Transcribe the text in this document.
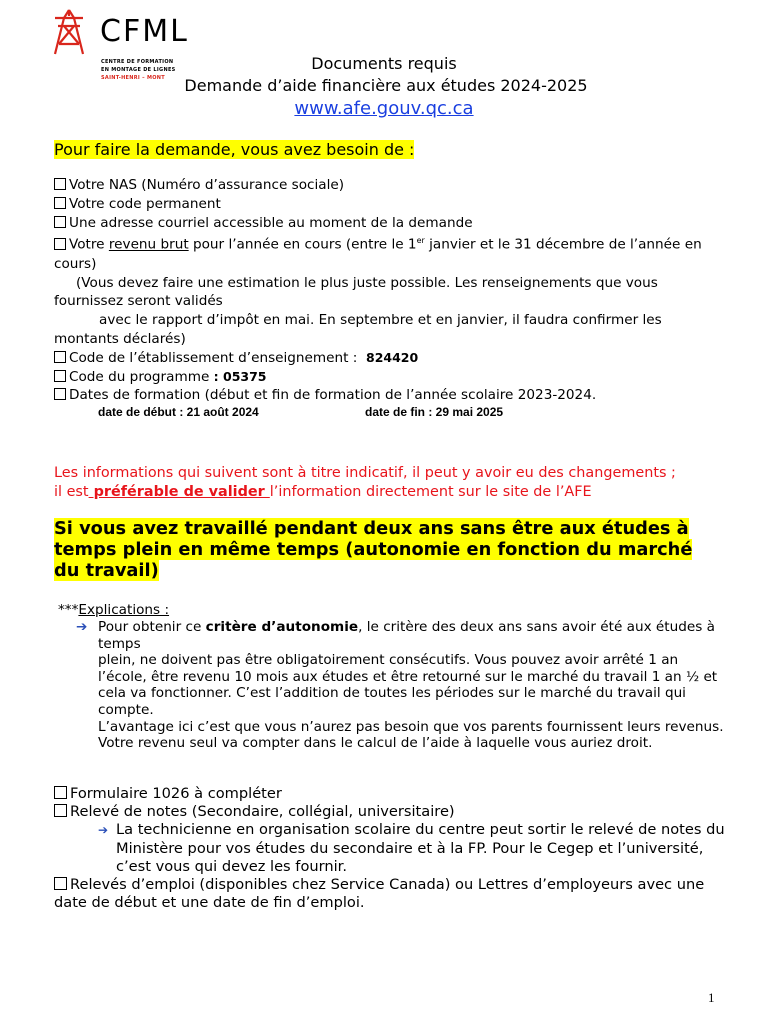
CFML
CENTRE DE FORMATION
EN MONTAGE DE LIGNES
SAINT-HENRI – MONT
Documents requis
Demande d’aide financière aux études 2024-2025
www.afe.gouv.qc.ca
Pour faire la demande, vous avez besoin de :
Votre NAS (Numéro d’assurance sociale)
Votre code permanent
Une adresse courriel accessible au moment de la demande
Votre revenu brut pour l’année en cours (entre le 1er janvier et le 31 décembre de l’année en cours)
(Vous devez faire une estimation le plus juste possible. Les renseignements que vous fournissez seront validés
avec le rapport d’impôt en mai. En septembre et en janvier, il faudra confirmer les montants déclarés)
Code de l’établissement d’enseignement : 824420
Code du programme : 05375
Dates de formation (début et fin de formation de l’année scolaire 2023-2024.
date de début : 21 août 2024	date de fin : 29 mai 2025
Les informations qui suivent sont à titre indicatif, il peut y avoir eu des changements ;
il est préférable de valider l’information directement sur le site de l’AFE
Si vous avez travaillé pendant deux ans sans être aux études à temps plein en même temps (autonomie en fonction du marché du travail)
***Explications :
➔ Pour obtenir ce critère d’autonomie, le critère des deux ans sans avoir été aux études à temps
plein, ne doivent pas être obligatoirement consécutifs. Vous pouvez avoir arrêté 1 an l’école, être revenu 10 mois aux études et être retourné sur le marché du travail 1 an ½ et cela va fonctionner. C’est l’addition de toutes les périodes sur le marché du travail qui compte.
L’avantage ici c’est que vous n’aurez pas besoin que vos parents fournissent leurs revenus. Votre revenu seul va compter dans le calcul de l’aide à laquelle vous auriez droit.
Formulaire 1026 à compléter
Relevé de notes (Secondaire, collégial, universitaire)
➔ La technicienne en organisation scolaire du centre peut sortir le relevé de notes du Ministère pour vos études du secondaire et à la FP. Pour le Cegep et l’université, c’est vous qui devez les fournir.
Relevés d’emploi (disponibles chez Service Canada) ou Lettres d’employeurs avec une date de début et une date de fin d’emploi.
1
